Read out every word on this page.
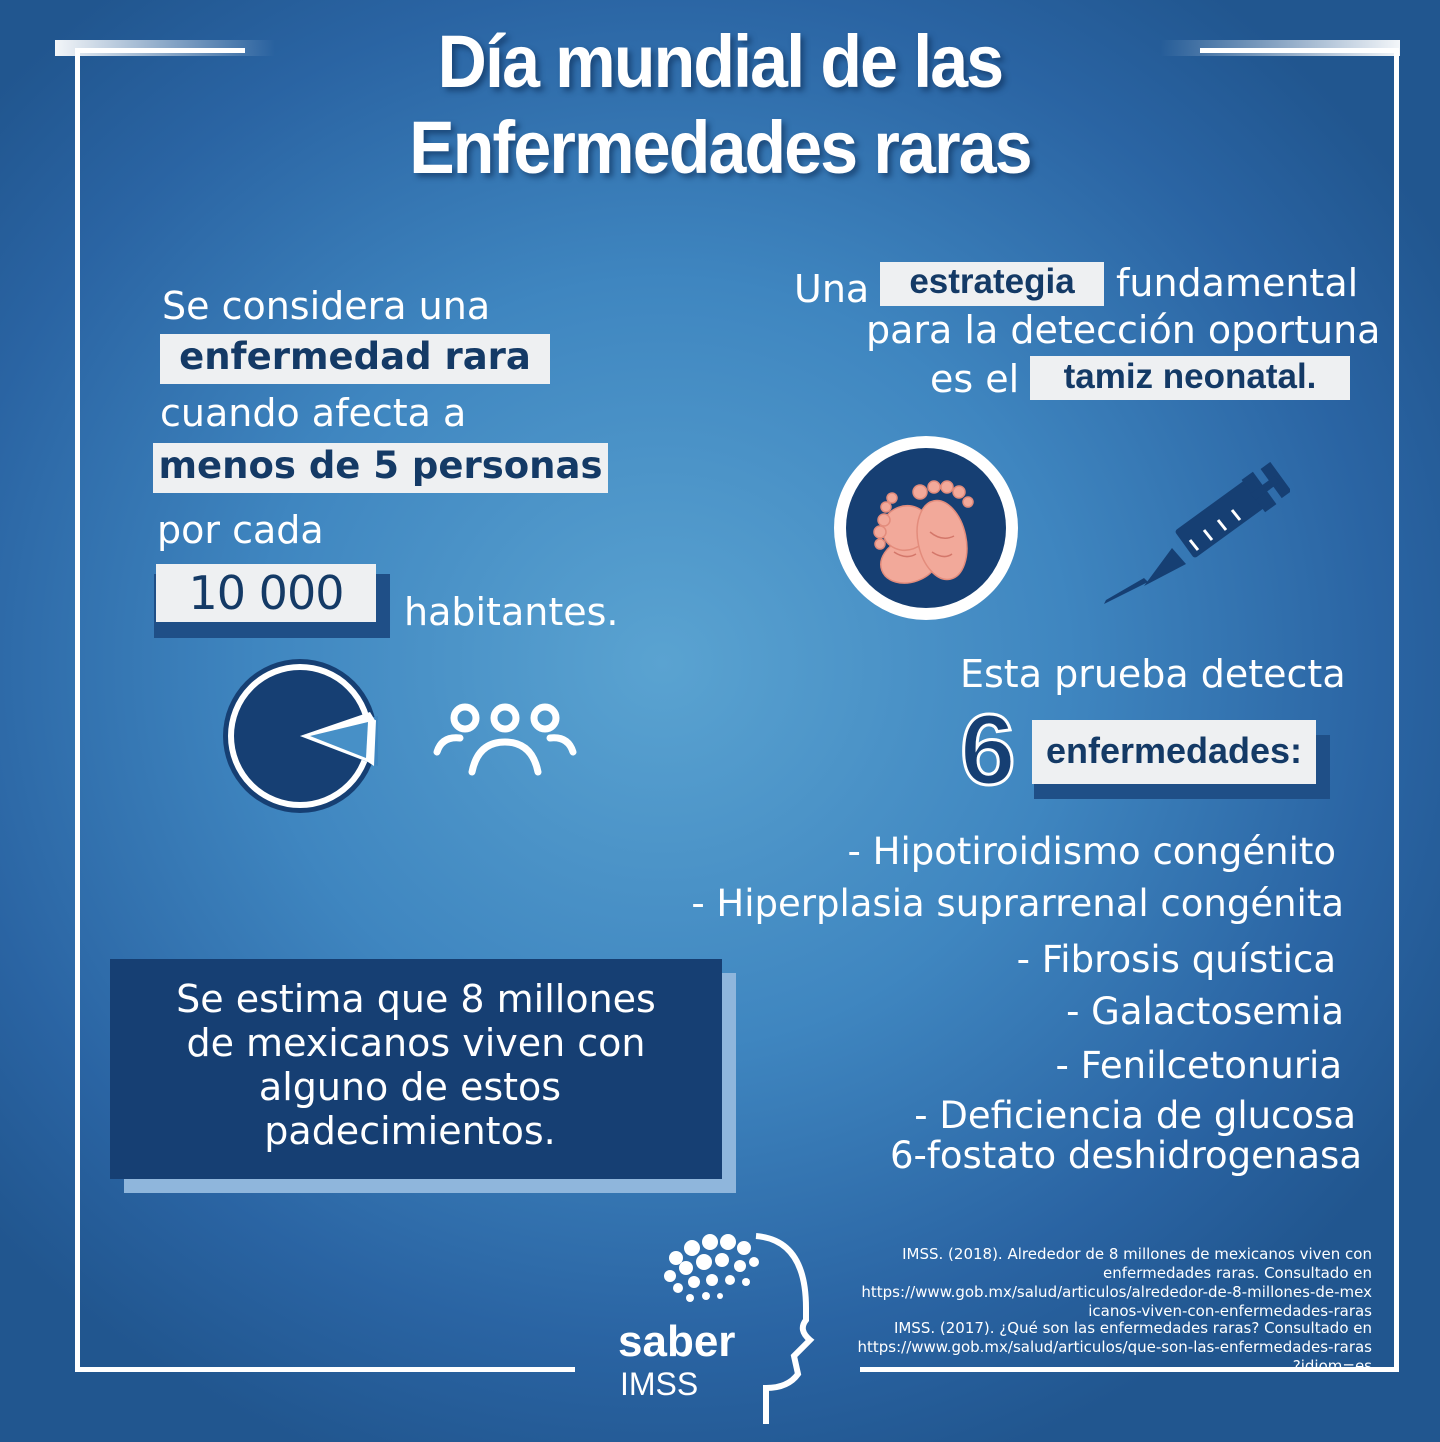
Día mundial de las
Enfermedades raras
Se considera una
enfermedad rara
cuando afecta a
menos de 5 personas
por cada
10 000	habitantes.
Se estima que 8 millones
de mexicanos viven con
alguno de estos
padecimientos.
Una	estrategia	fundamental
para la detección oportuna
es el	tamiz neonatal.
Esta prueba detecta
6 enfermedades:
- Hipotiroidismo congénito
- Hiperplasia suprarrenal congénita
- Fibrosis quística
- Galactosemia
- Fenilcetonuria
- Deficiencia de glucosa
6-fostato deshidrogenasa
saber
IMSS
IMSS. (2018). Alrededor de 8 millones de mexicanos viven con
enfermedades raras. Consultado en
https://www.gob.mx/salud/articulos/alrededor-de-8-millones-de-mex
icanos-viven-con-enfermedades-raras
IMSS. (2017). ¿Qué son las enfermedades raras? Consultado en
https://www.gob.mx/salud/articulos/que-son-las-enfermedades-raras
?idiom=es
